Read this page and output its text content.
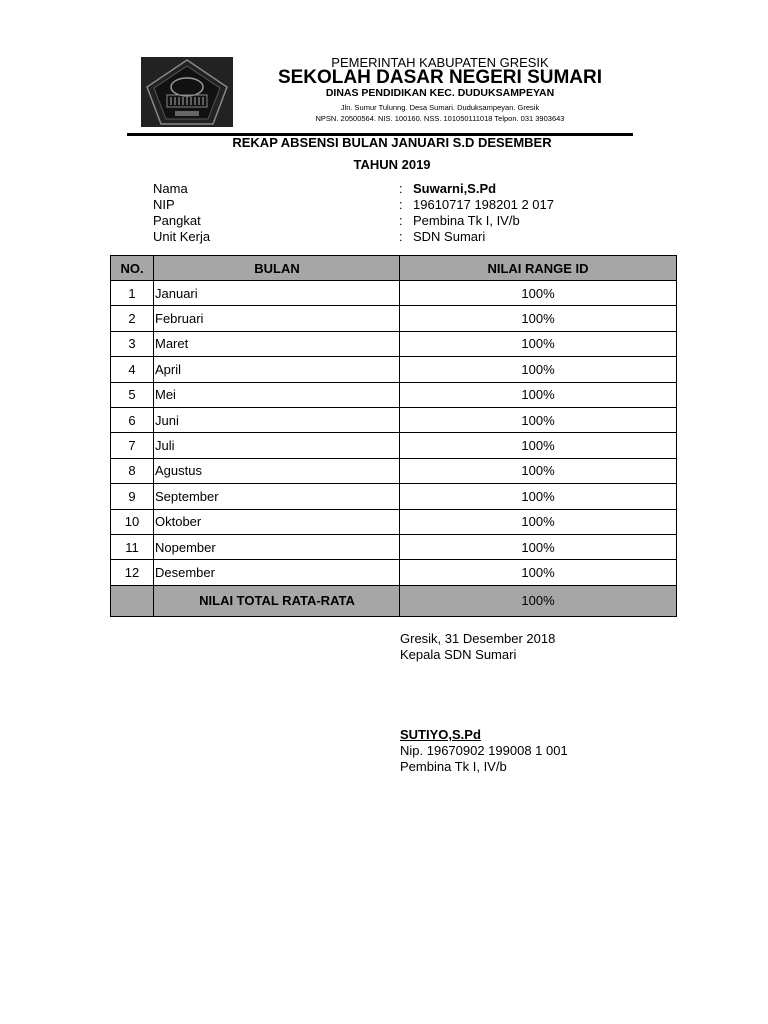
PEMERINTAH KABUPATEN GRESIK
SEKOLAH DASAR NEGERI SUMARI
DINAS PENDIDIKAN KEC. DUDUKSAMPEYAN
Jln. Sumur Tulunng. Desa Sumari. Duduksampeyan. Gresik
NPSN. 20500564. NIS. 100160. NSS. 101050111018 Telpon. 031 3903643
REKAP ABSENSI BULAN JANUARI S.D DESEMBER
TAHUN 2019
Nama	: Suwarni,S.Pd
NIP	: 19610717 198201 2 017
Pangkat	: Pembina Tk I, IV/b
Unit Kerja	: SDN Sumari
NO.	BULAN	NILAI RANGE ID
1	Januari	100%
2	Februari	100%
3	Maret	100%
4	April	100%
5	Mei	100%
6	Juni	100%
7	Juli	100%
8	Agustus	100%
9	September	100%
10	Oktober	100%
11	Nopember	100%
12	Desember	100%
	NILAI TOTAL RATA-RATA	100%
Gresik, 31 Desember 2018
Kepala SDN Sumari
SUTIYO,S.Pd
Nip. 19670902 199008 1 001
Pembina Tk I, IV/b
